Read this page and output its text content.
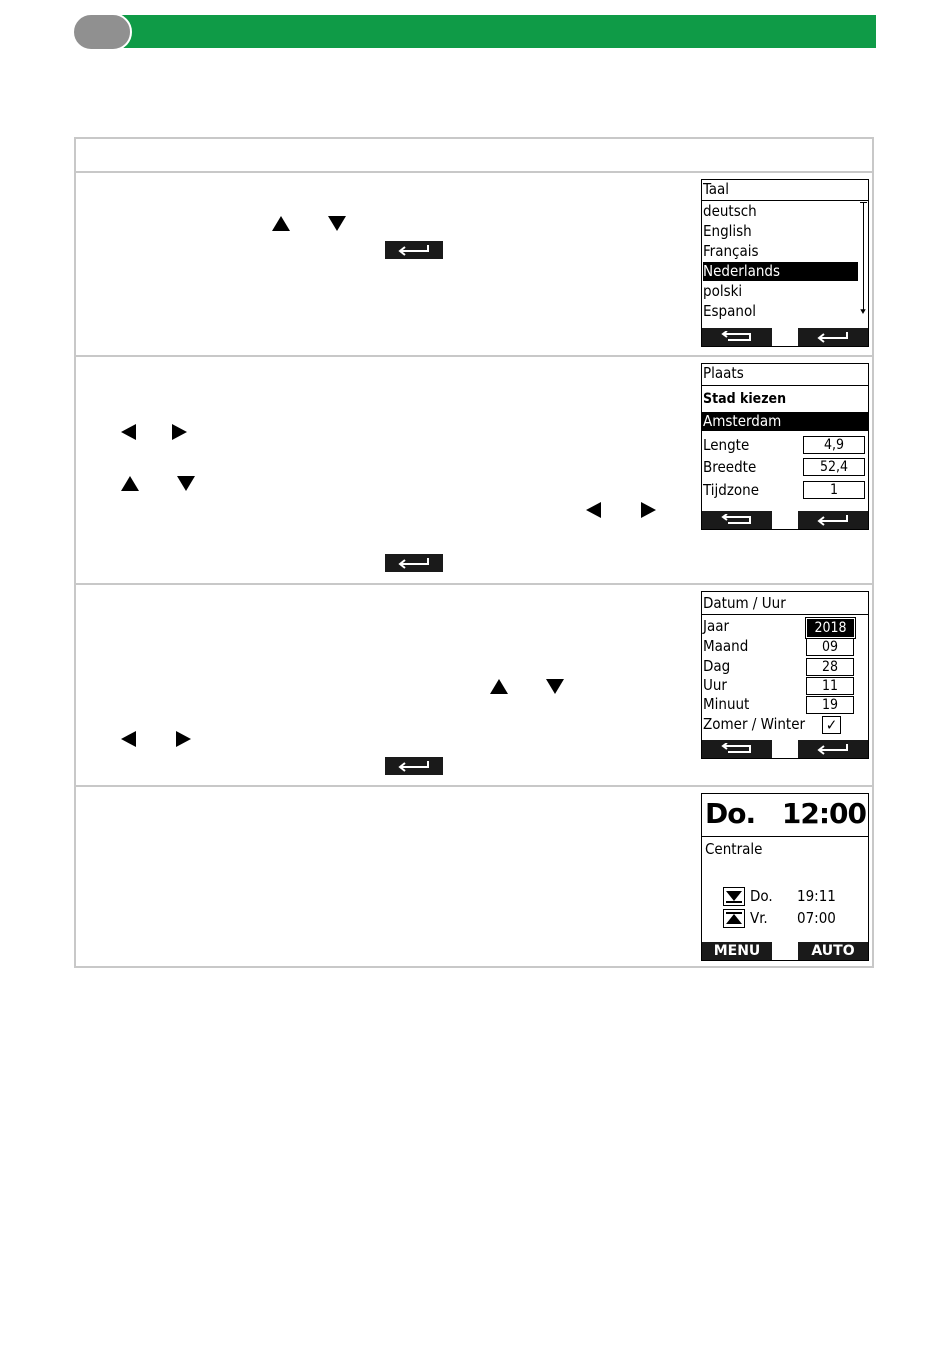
Taal
deutsch
English
Français
Nederlands
polski
Espanol	⯆
Plaats
Stad kiezen
Amsterdam
Lengte	4,9
Breedte	52,4
Tijdzone	1
Datum / Uur
Jaar	2018
Maand	09
Dag	28
Uur	11
Minuut	19
Zomer / Winter ✓
Do. 12:00
Centrale
Do. 19:11
Vr. 07:00
MENU	AUTO
